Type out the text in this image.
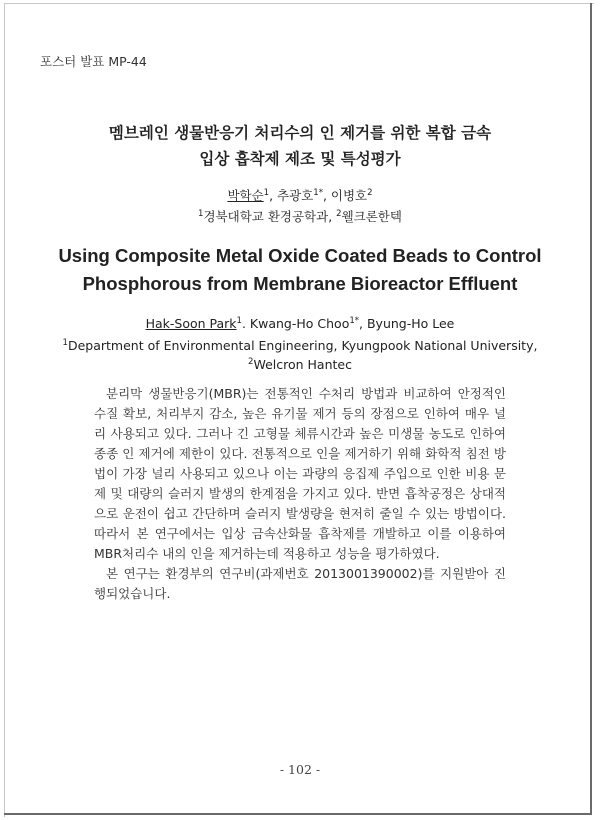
포스터 발표 MP-44
멤브레인 생물반응기 처리수의 인 제거를 위한 복합 금속
입상 흡착제 제조 및 특성평가
박학순$^1$, 추광호$^{1*}$, 이병호$^2$
$^1$경북대학교 환경공학과, $^2$웰크론한텍
Using Composite Metal Oxide Coated Beads to Control
Phosphorous from Membrane Bioreactor Effluent
Hak-Soon Park$^1$. Kwang-Ho Choo$^{1*}$, Byung-Ho Lee
$^1$Department of Environmental Engineering, Kyungpook National University,
$^2$Welcron Hantec

분리막 생물반응기(MBR)는 전통적인 수처리 방법과 비교하여 안정적인 수질 확보, 처리부지 감소, 높은 유기물 제거 등의 장점으로 인하여 매우 널리 사용되고 있다. 그러나 긴 고형물 체류시간과 높은 미생물 농도로 인하여 종종 인 제거에 제한이 있다. 전통적으로 인을 제거하기 위해 화학적 침전 방법이 가장 널리 사용되고 있으나 이는 과량의 응집제 주입으로 인한 비용 문제 및 대량의 슬러지 발생의 한계점을 가지고 있다. 반면 흡착공정은 상대적으로 운전이 쉽고 간단하며 슬러지 발생량을 현저히 줄일 수 있는 방법이다. 따라서 본 연구에서는 입상 금속산화물 흡착제를 개발하고 이를 이용하여 MBR처리수 내의 인을 제거하는데 적용하고 성능을 평가하였다.

본 연구는 환경부의 연구비(과제번호 2013001390002)를 지원받아 진행되었습니다.

- 102 -
